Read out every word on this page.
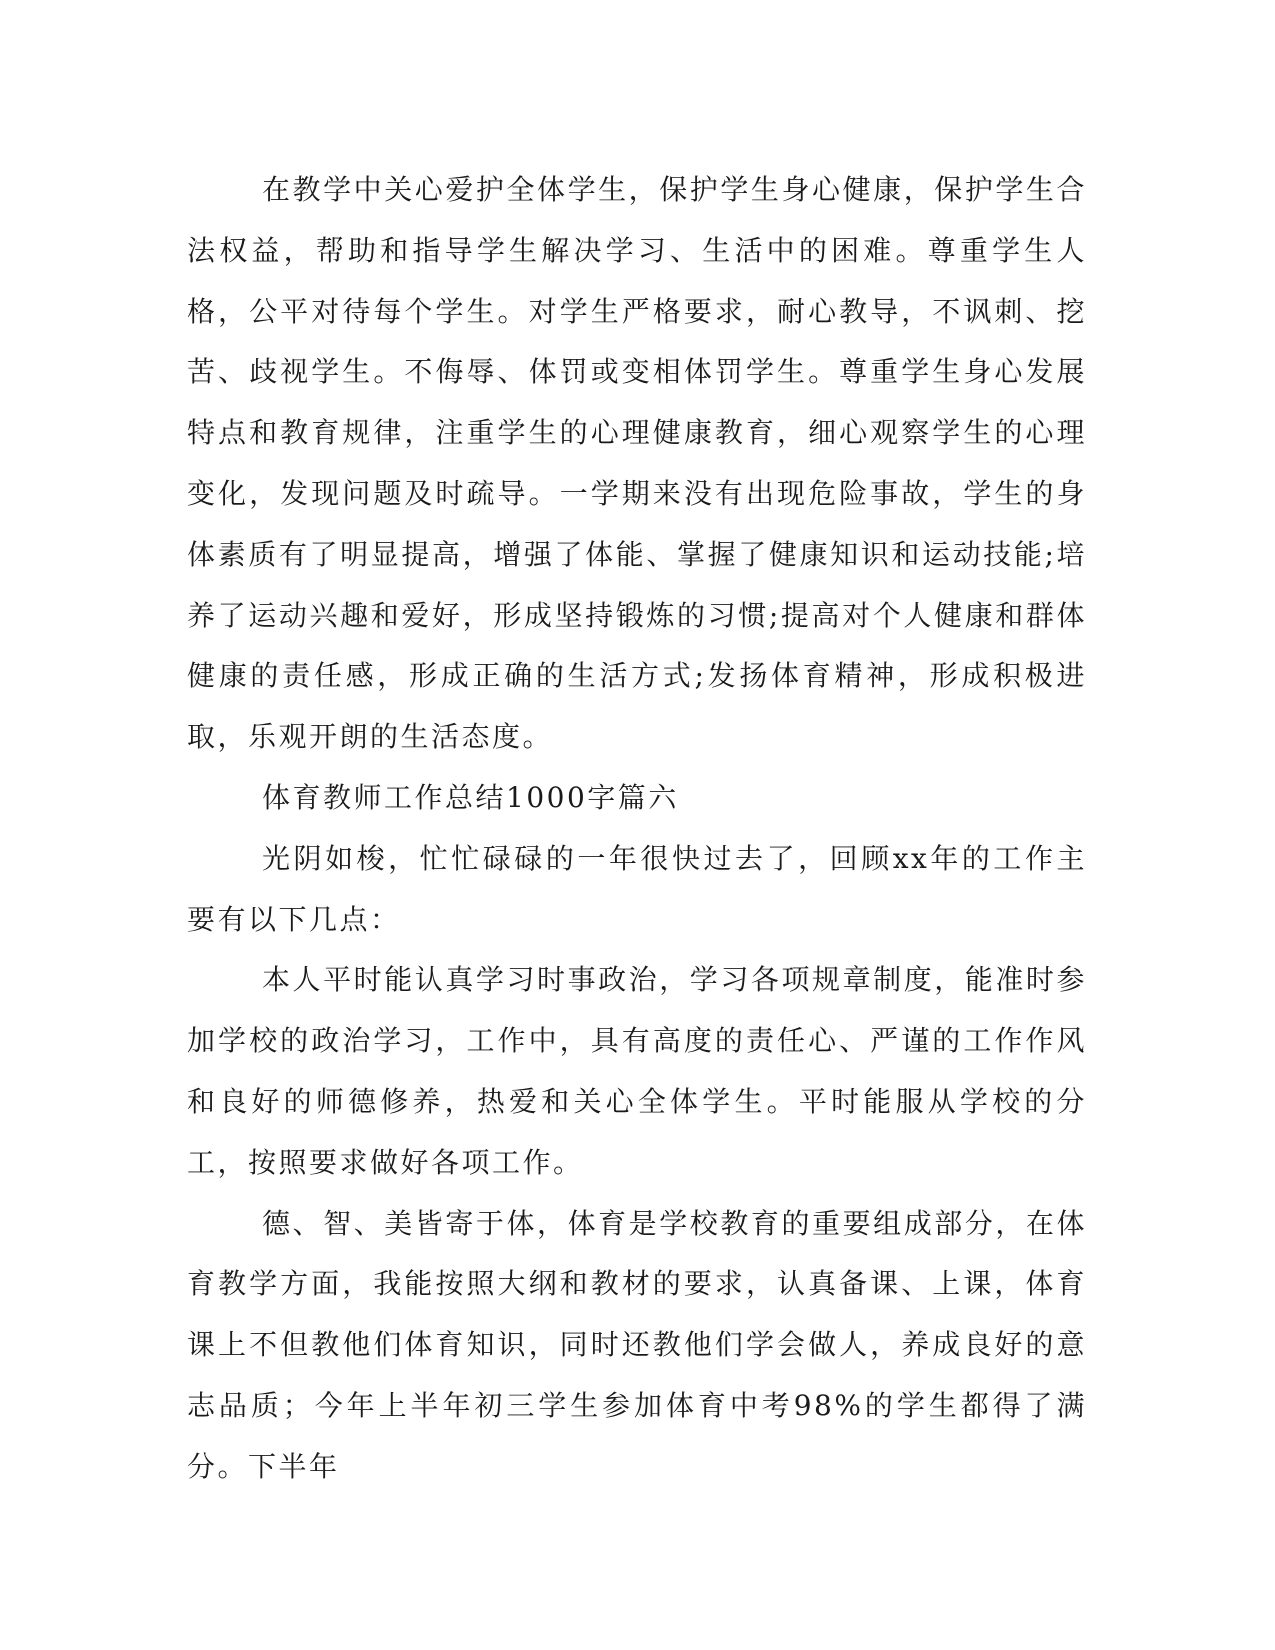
在教学中关心爱护全体学生，保护学生身心健康，保护学生合法权益，帮助和指导学生解决学习、生活中的困难。尊重学生人格，公平对待每个学生。对学生严格要求，耐心教导，不讽刺、挖苦、歧视学生。不侮辱、体罚或变相体罚学生。尊重学生身心发展特点和教育规律，注重学生的心理健康教育，细心观察学生的心理变化，发现问题及时疏导。一学期来没有出现危险事故，学生的身体素质有了明显提高，增强了体能、掌握了健康知识和运动技能;培养了运动兴趣和爱好，形成坚持锻炼的习惯;提高对个人健康和群体健康的责任感，形成正确的生活方式;发扬体育精神，形成积极进取，乐观开朗的生活态度。

体育教师工作总结1000字篇六

光阴如梭，忙忙碌碌的一年很快过去了，回顾xx年的工作主要有以下几点：

本人平时能认真学习时事政治，学习各项规章制度，能准时参加学校的政治学习，工作中，具有高度的责任心、严谨的工作作风和良好的师德修养，热爱和关心全体学生。平时能服从学校的分工，按照要求做好各项工作。

德、智、美皆寄于体，体育是学校教育的重要组成部分，在体育教学方面，我能按照大纲和教材的要求，认真备课、上课，体育课上不但教他们体育知识，同时还教他们学会做人，养成良好的意志品质；今年上半年初三学生参加体育中考98%的学生都得了满分。下半年
